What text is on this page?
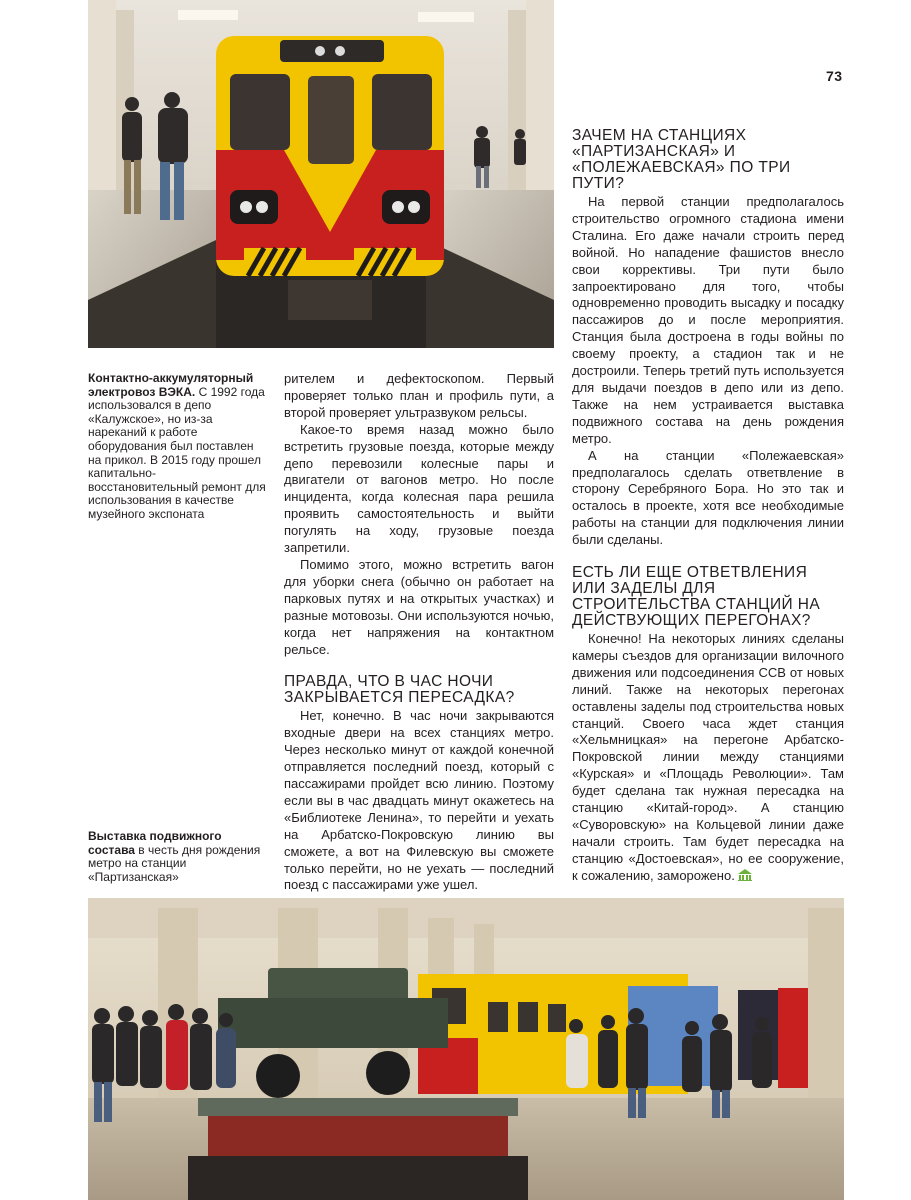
73
Контактно-аккумуляторный электровоз ВЭКА. С 1992 года использовался в депо «Калужское», но из-за нареканий к работе оборудования был поставлен на прикол. В 2015 году прошел капитально-восстановительный ремонт для использования в качестве музейного экспоната
Выставка подвижного состава в честь дня рождения метро на станции «Партизанская»

рителем и дефектоскопом. Первый проверяет только план и профиль пути, а второй проверяет ультразвуком рельсы.

Какое-то время назад можно было встретить грузовые поезда, которые между депо перевозили колесные пары и двигатели от вагонов метро. Но после инцидента, когда колесная пара решила проявить самостоятельность и выйти погулять на ходу, грузовые поезда запретили.

Помимо этого, можно встретить вагон для уборки снега (обычно он работает на парковых путях и на открытых участках) и разные мотовозы. Они используются ночью, когда нет напряжения на контактном рельсе.

ПРАВДА, ЧТО В ЧАС НОЧИ ЗАКРЫВАЕТСЯ ПЕРЕСАДКА?

Нет, конечно. В час ночи закрываются входные двери на всех станциях метро. Через несколько минут от каждой конечной отправляется последний поезд, который с пассажирами пройдет всю линию. Поэтому если вы в час двадцать минут окажетесь на «Библиотеке Ленина», то перейти и уехать на Арбатско-Покровскую линию вы сможете, а вот на Филевскую вы сможете только перейти, но не уехать — последний поезд с пассажирами уже ушел.

ЗАЧЕМ НА СТАНЦИЯХ «ПАРТИЗАНСКАЯ» И «ПОЛЕЖАЕВСКАЯ» ПО ТРИ ПУТИ?

На первой станции предполагалось строительство огромного стадиона имени Сталина. Его даже начали строить перед войной. Но нападение фашистов внесло свои коррективы. Три пути было запроектировано для того, чтобы одновременно проводить высадку и посадку пассажиров до и после мероприятия. Станция была достроена в годы войны по своему проекту, а стадион так и не достроили. Теперь третий путь используется для выдачи поездов в депо или из депо. Также на нем устраивается выставка подвижного состава на день рождения метро.

А на станции «Полежаевская» предполагалось сделать ответвление в сторону Серебряного Бора. Но это так и осталось в проекте, хотя все необходимые работы на станции для подключения линии были сделаны.

ЕСТЬ ЛИ ЕЩЕ ОТВЕТВЛЕНИЯ ИЛИ ЗАДЕЛЫ ДЛЯ СТРОИТЕЛЬСТВА СТАНЦИЙ НА ДЕЙСТВУЮЩИХ ПЕРЕГОНАХ?

Конечно! На некоторых линиях сделаны камеры съездов для организации вилочного движения или подсоединения ССВ от новых линий. Также на некоторых перегонах оставлены заделы под строительства новых станций. Своего часа ждет станция «Хельмницкая» на перегоне Арбатско-Покровской линии между станциями «Курская» и «Площадь Революции». Там будет сделана так нужная пересадка на станцию «Китай-город». А станцию «Суворовскую» на Кольцевой линии даже начали строить. Там будет пересадка на станцию «Достоевская», но ее сооружение, к сожалению, заморожено.
